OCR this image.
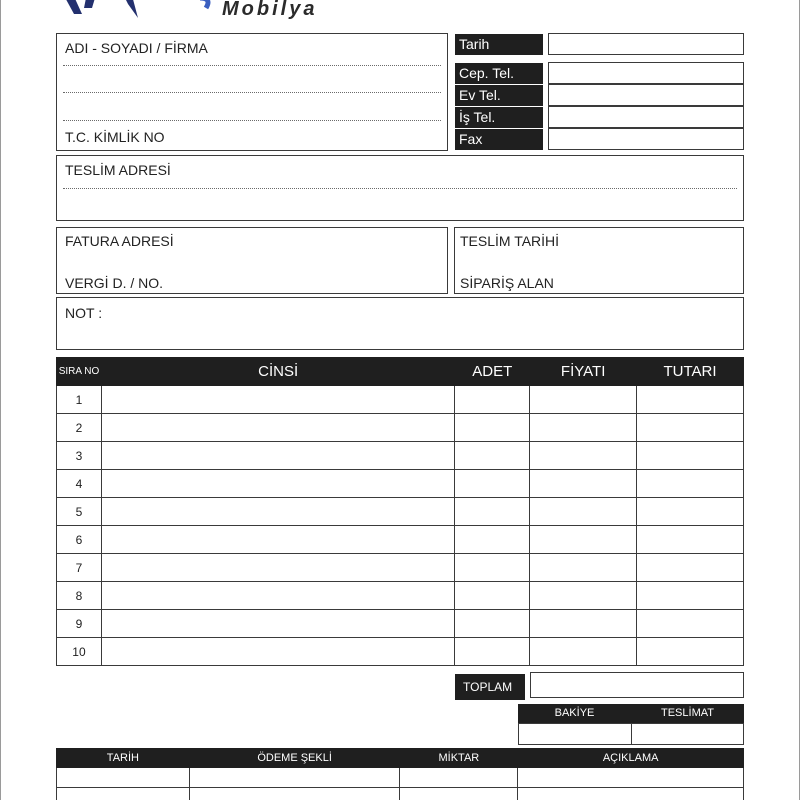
Mobilya
ADI - SOYADI / FİRMA
T.C. KİMLİK NO
Tarih
Cep. Tel.
Ev Tel.
İş Tel.
Fax
TESLİM ADRESİ
FATURA ADRESİ
VERGİ D. / NO.
TESLİM TARİHİ
SİPARİŞ ALAN
NOT :
SIRA NO	CİNSİ	ADET	FİYATI	TUTARI
1				
2				
3				
4				
5				
6				
7				
8				
9				
10				
TOPLAM
BAKİYE	TESLİMAT
TARİH	ÖDEME ŞEKLİ	MİKTAR	AÇIKLAMA
